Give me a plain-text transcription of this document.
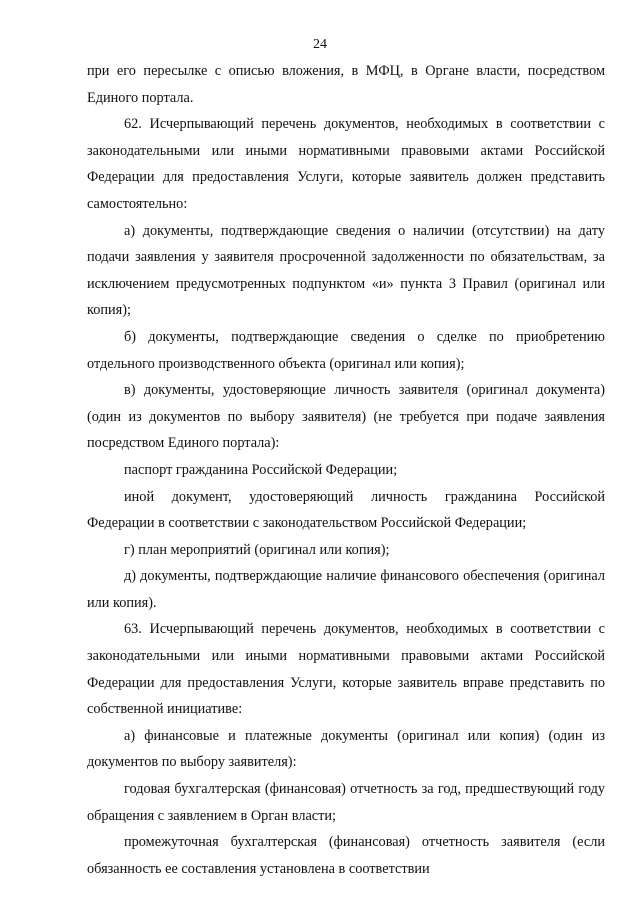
24

при его пересылке с описью вложения, в МФЦ, в Органе власти, посредством Единого портала.

62. Исчерпывающий перечень документов, необходимых в соответствии с законодательными или иными нормативными правовыми актами Российской Федерации для предоставления Услуги, которые заявитель должен представить самостоятельно:

а) документы, подтверждающие сведения о наличии (отсутствии) на дату подачи заявления у заявителя просроченной задолженности по обязательствам, за исключением предусмотренных подпунктом «и» пункта 3 Правил (оригинал или копия);

б) документы, подтверждающие сведения о сделке по приобретению отдельного производственного объекта (оригинал или копия);

в) документы, удостоверяющие личность заявителя (оригинал документа) (один из документов по выбору заявителя) (не требуется при подаче заявления посредством Единого портала):

паспорт гражданина Российской Федерации;

иной документ, удостоверяющий личность гражданина Российской Федерации в соответствии с законодательством Российской Федерации;

г) план мероприятий (оригинал или копия);

д) документы, подтверждающие наличие финансового обеспечения (оригинал или копия).

63. Исчерпывающий перечень документов, необходимых в соответствии с законодательными или иными нормативными правовыми актами Российской Федерации для предоставления Услуги, которые заявитель вправе представить по собственной инициативе:

а) финансовые и платежные документы (оригинал или копия) (один из документов по выбору заявителя):

годовая бухгалтерская (финансовая) отчетность за год, предшествующий году обращения с заявлением в Орган власти;

промежуточная бухгалтерская (финансовая) отчетность заявителя (если обязанность ее составления установлена в соответствии
